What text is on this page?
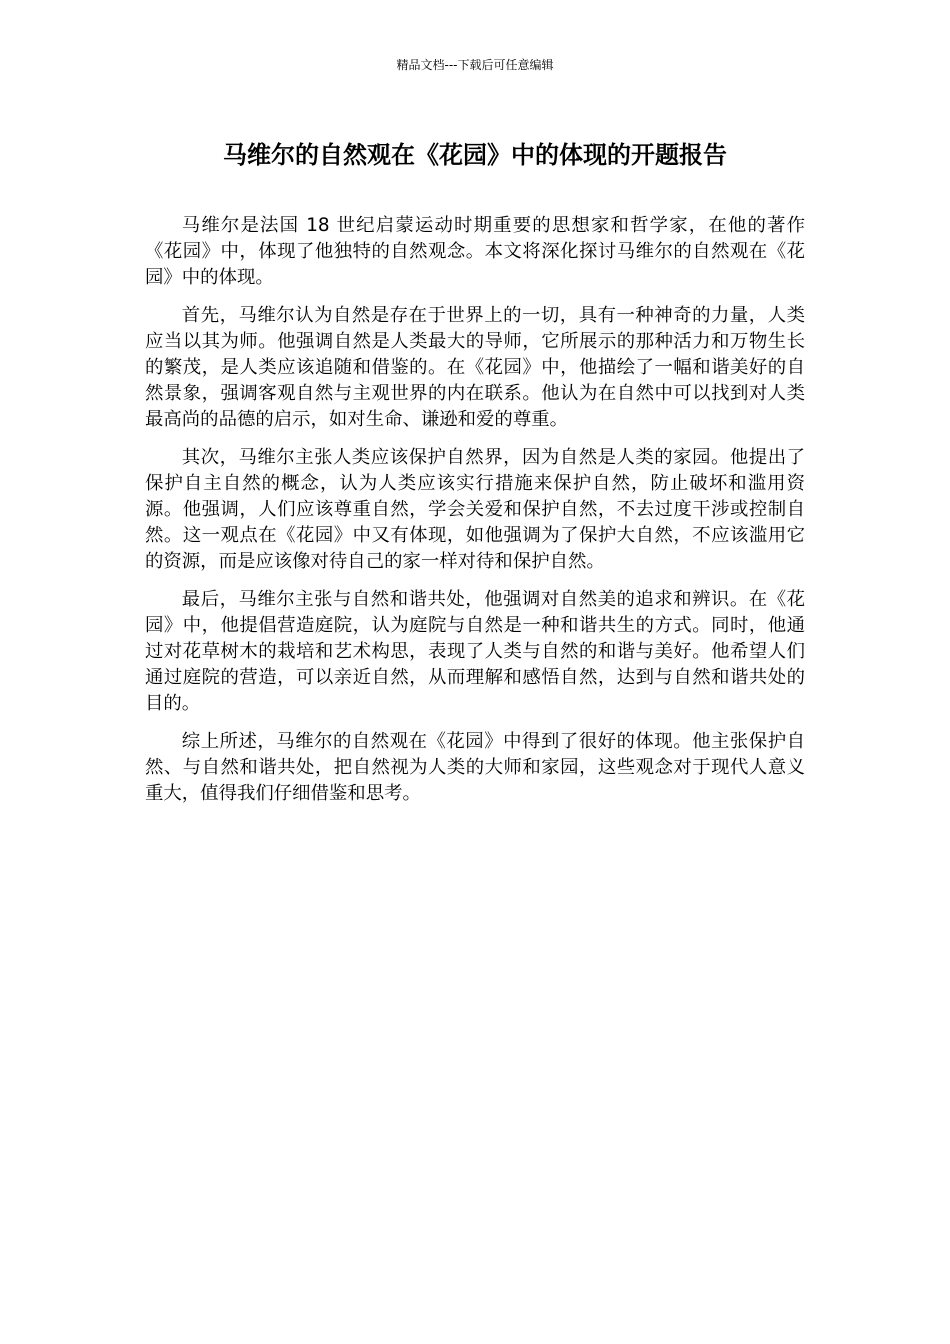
精品文档---下载后可任意编辑
马维尔的自然观在《花园》中的体现的开题报告

马维尔是法国 18 世纪启蒙运动时期重要的思想家和哲学家，在他的著作《花园》中，体现了他独特的自然观念。本文将深化探讨马维尔的自然观在《花园》中的体现。

首先，马维尔认为自然是存在于世界上的一切，具有一种神奇的力量，人类应当以其为师。他强调自然是人类最大的导师，它所展示的那种活力和万物生长的繁茂，是人类应该追随和借鉴的。在《花园》中，他描绘了一幅和谐美好的自然景象，强调客观自然与主观世界的内在联系。他认为在自然中可以找到对人类最高尚的品德的启示，如对生命、谦逊和爱的尊重。

其次，马维尔主张人类应该保护自然界，因为自然是人类的家园。他提出了保护自主自然的概念，认为人类应该实行措施来保护自然，防止破坏和滥用资源。他强调，人们应该尊重自然，学会关爱和保护自然，不去过度干涉或控制自然。这一观点在《花园》中又有体现，如他强调为了保护大自然，不应该滥用它的资源，而是应该像对待自己的家一样对待和保护自然。

最后，马维尔主张与自然和谐共处，他强调对自然美的追求和辨识。在《花园》中，他提倡营造庭院，认为庭院与自然是一种和谐共生的方式。同时，他通过对花草树木的栽培和艺术构思，表现了人类与自然的和谐与美好。他希望人们通过庭院的营造，可以亲近自然，从而理解和感悟自然，达到与自然和谐共处的目的。

综上所述，马维尔的自然观在《花园》中得到了很好的体现。他主张保护自然、与自然和谐共处，把自然视为人类的大师和家园，这些观念对于现代人意义重大，值得我们仔细借鉴和思考。
